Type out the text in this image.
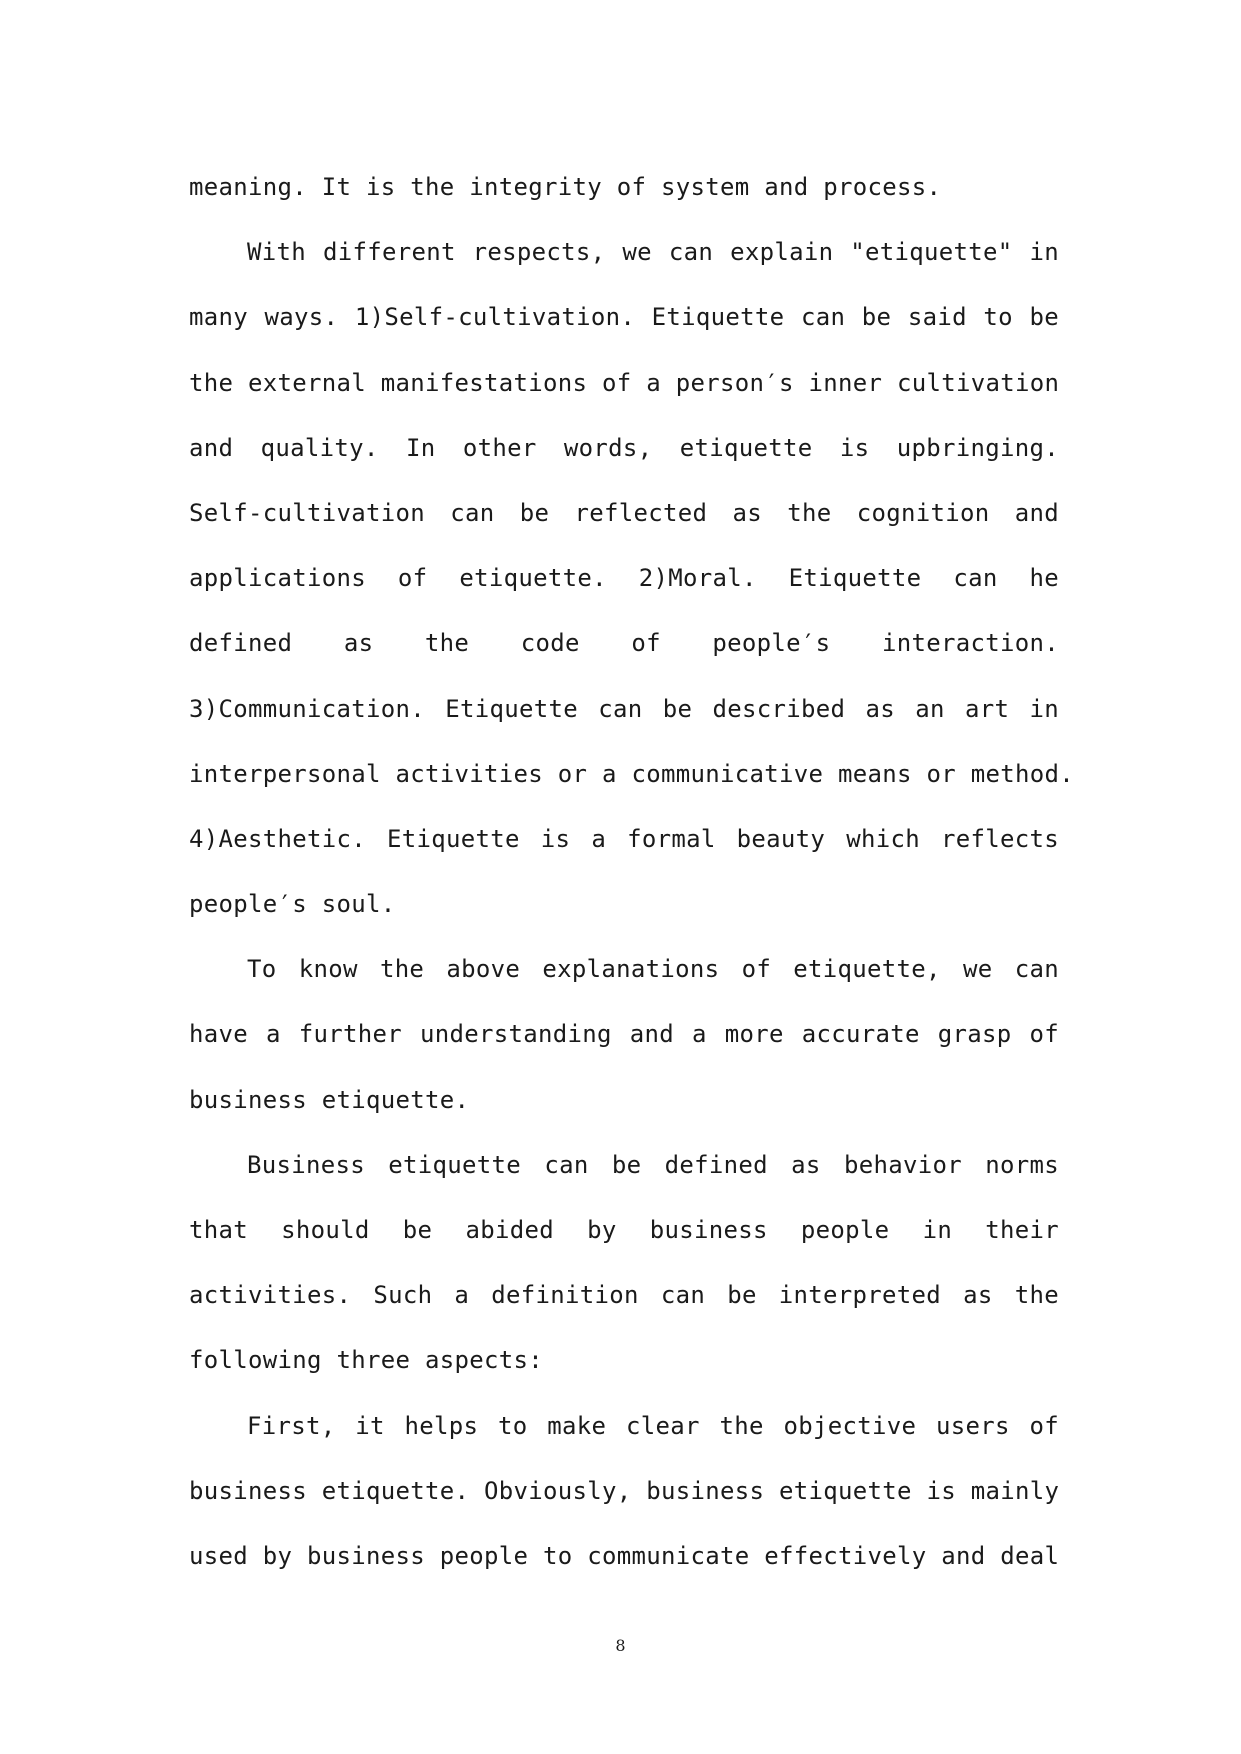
meaning. It is the integrity of system and process.
With different respects, we can explain "etiquette" in
many ways. 1)Self-cultivation. Etiquette can be said to be
the external manifestations of a person′s inner cultivation
and quality. In other words, etiquette is upbringing.
Self-cultivation can be reflected as the cognition and
applications of etiquette. 2)Moral. Etiquette can he
defined as the code of people′s interaction.
3)Communication. Etiquette can be described as an art in
interpersonal activities or a communicative means or method.
4)Aesthetic. Etiquette is a formal beauty which reflects
people′s soul.
To know the above explanations of etiquette, we can
have a further understanding and a more accurate grasp of
business etiquette.
Business etiquette can be defined as behavior norms
that should be abided by business people in their
activities. Such a definition can be interpreted as the
following three aspects:
First, it helps to make clear the objective users of
business etiquette. Obviously, business etiquette is mainly
used by business people to communicate effectively and deal
8
